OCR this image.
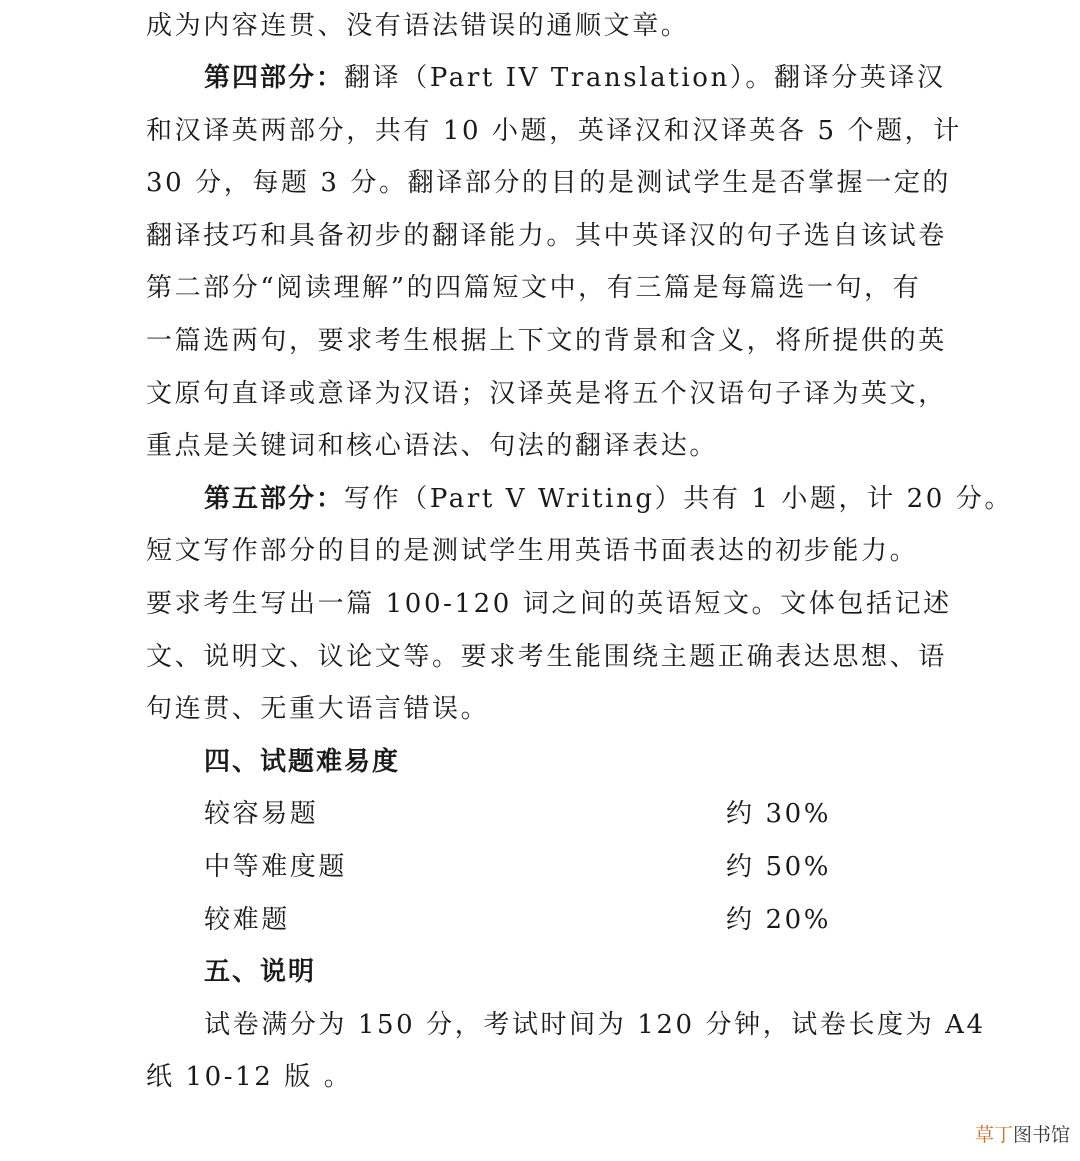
成为内容连贯、没有语法错误的通顺文章。
第四部分：翻译（Part IV Translation）。翻译分英译汉
和汉译英两部分，共有 10 小题，英译汉和汉译英各 5 个题，计
30 分，每题 3 分。翻译部分的目的是测试学生是否掌握一定的
翻译技巧和具备初步的翻译能力。其中英译汉的句子选自该试卷
第二部分“阅读理解”的四篇短文中，有三篇是每篇选一句，有
一篇选两句，要求考生根据上下文的背景和含义，将所提供的英
文原句直译或意译为汉语；汉译英是将五个汉语句子译为英文，
重点是关键词和核心语法、句法的翻译表达。
第五部分：写作（Part V Writing）共有 1 小题，计 20 分。
短文写作部分的目的是测试学生用英语书面表达的初步能力。
要求考生写出一篇 100-120 词之间的英语短文。文体包括记述
文、说明文、议论文等。要求考生能围绕主题正确表达思想、语
句连贯、无重大语言错误。
四、试题难易度
较容易题	约 30%
中等难度题	约 50%
较难题	约 20%
五、说明
试卷满分为 150 分，考试时间为 120 分钟，试卷长度为 A4
纸 10-12 版 。
草丁图书馆
